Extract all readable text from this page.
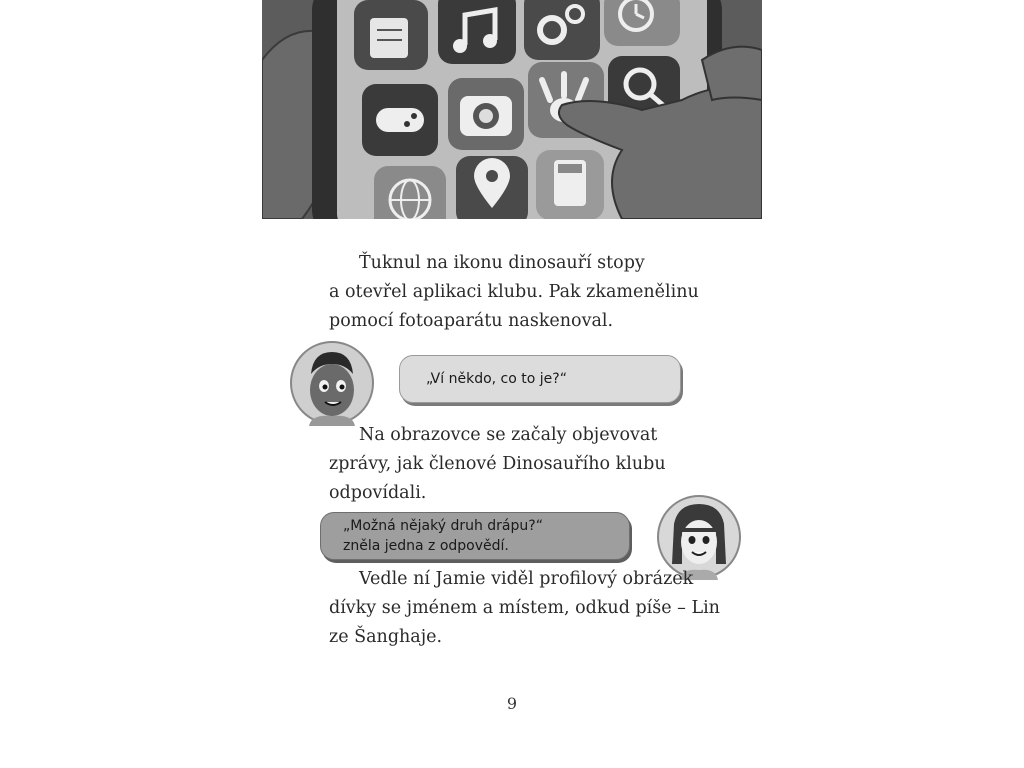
Ťuknul na ikonu dinosauří stopy
a otevřel aplikaci klubu. Pak zkamenělinu
pomocí fotoaparátu naskenoval.

„Ví někdo, co to je?“

Na obrazovce se začaly objevovat
zprávy, jak členové Dinosauřího klubu
odpovídali.

„Možná nějaký druh drápu?“
zněla jedna z odpovědí.

Vedle ní Jamie viděl profilový obrázek
dívky se jménem a místem, odkud píše – Lin
ze Šanghaje.

9
